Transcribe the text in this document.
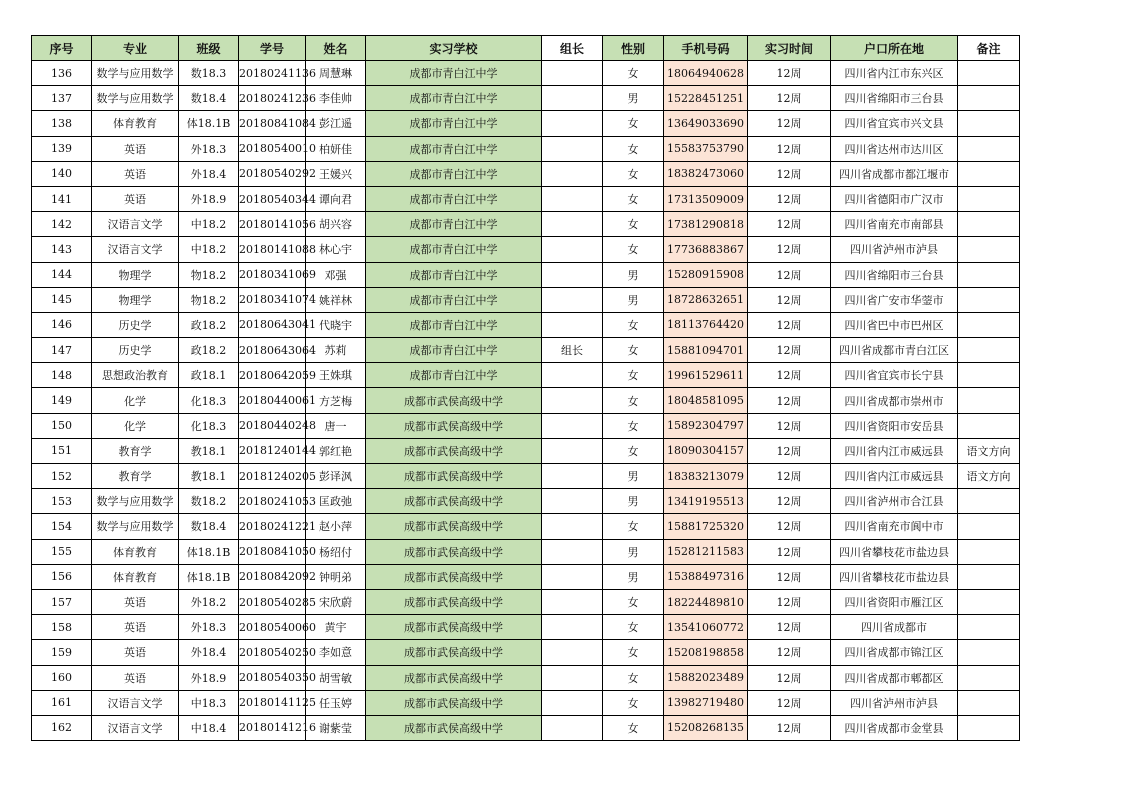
序号	专业	班级	学号	姓名	实习学校	组长	性别	手机号码	实习时间	户口所在地	备注
136	数学与应用数学	数18.3	20180241136	周慧琳	成都市青白江中学		女	18064940628	12周	四川省内江市东兴区	
137	数学与应用数学	数18.4	20180241236	李佳帅	成都市青白江中学		男	15228451251	12周	四川省绵阳市三台县	
138	体育教育	体18.1B	20180841084	彭江遥	成都市青白江中学		女	13649033690	12周	四川省宜宾市兴文县	
139	英语	外18.3	20180540010	柏妍佳	成都市青白江中学		女	15583753790	12周	四川省达州市达川区	
140	英语	外18.4	20180540292	王媛兴	成都市青白江中学		女	18382473060	12周	四川省成都市都江堰市	
141	英语	外18.9	20180540344	谭向君	成都市青白江中学		女	17313509009	12周	四川省德阳市广汉市	
142	汉语言文学	中18.2	20180141056	胡兴容	成都市青白江中学		女	17381290818	12周	四川省南充市南部县	
143	汉语言文学	中18.2	20180141088	林心宇	成都市青白江中学		女	17736883867	12周	四川省泸州市泸县	
144	物理学	物18.2	20180341069	邓强	成都市青白江中学		男	15280915908	12周	四川省绵阳市三台县	
145	物理学	物18.2	20180341074	姚祥林	成都市青白江中学		男	18728632651	12周	四川省广安市华蓥市	
146	历史学	政18.2	20180643041	代晓宇	成都市青白江中学		女	18113764420	12周	四川省巴中市巴州区	
147	历史学	政18.2	20180643064	苏莉	成都市青白江中学	组长	女	15881094701	12周	四川省成都市青白江区	
148	思想政治教育	政18.1	20180642059	王姝琪	成都市青白江中学		女	19961529611	12周	四川省宜宾市长宁县	
149	化学	化18.3	20180440061	方芝梅	成都市武侯高级中学		女	18048581095	12周	四川省成都市崇州市	
150	化学	化18.3	20180440248	唐一	成都市武侯高级中学		女	15892304797	12周	四川省资阳市安岳县	
151	教育学	教18.1	20181240144	郭红艳	成都市武侯高级中学		女	18090304157	12周	四川省内江市威远县	语文方向
152	教育学	教18.1	20181240205	彭译沨	成都市武侯高级中学		男	18383213079	12周	四川省内江市威远县	语文方向
153	数学与应用数学	数18.2	20180241053	匡政弛	成都市武侯高级中学		男	13419195513	12周	四川省泸州市合江县	
154	数学与应用数学	数18.4	20180241221	赵小萍	成都市武侯高级中学		女	15881725320	12周	四川省南充市阆中市	
155	体育教育	体18.1B	20180841050	杨绍付	成都市武侯高级中学		男	15281211583	12周	四川省攀枝花市盐边县	
156	体育教育	体18.1B	20180842092	钟明弟	成都市武侯高级中学		男	15388497316	12周	四川省攀枝花市盐边县	
157	英语	外18.2	20180540285	宋欣蔚	成都市武侯高级中学		女	18224489810	12周	四川省资阳市雁江区	
158	英语	外18.3	20180540060	黄宇	成都市武侯高级中学		女	13541060772	12周	四川省成都市	
159	英语	外18.4	20180540250	李如意	成都市武侯高级中学		女	15208198858	12周	四川省成都市锦江区	
160	英语	外18.9	20180540350	胡雪敏	成都市武侯高级中学		女	15882023489	12周	四川省成都市郫都区	
161	汉语言文学	中18.3	20180141125	任玉婷	成都市武侯高级中学		女	13982719480	12周	四川省泸州市泸县	
162	汉语言文学	中18.4	20180141216	谢紫莹	成都市武侯高级中学		女	15208268135	12周	四川省成都市金堂县	
